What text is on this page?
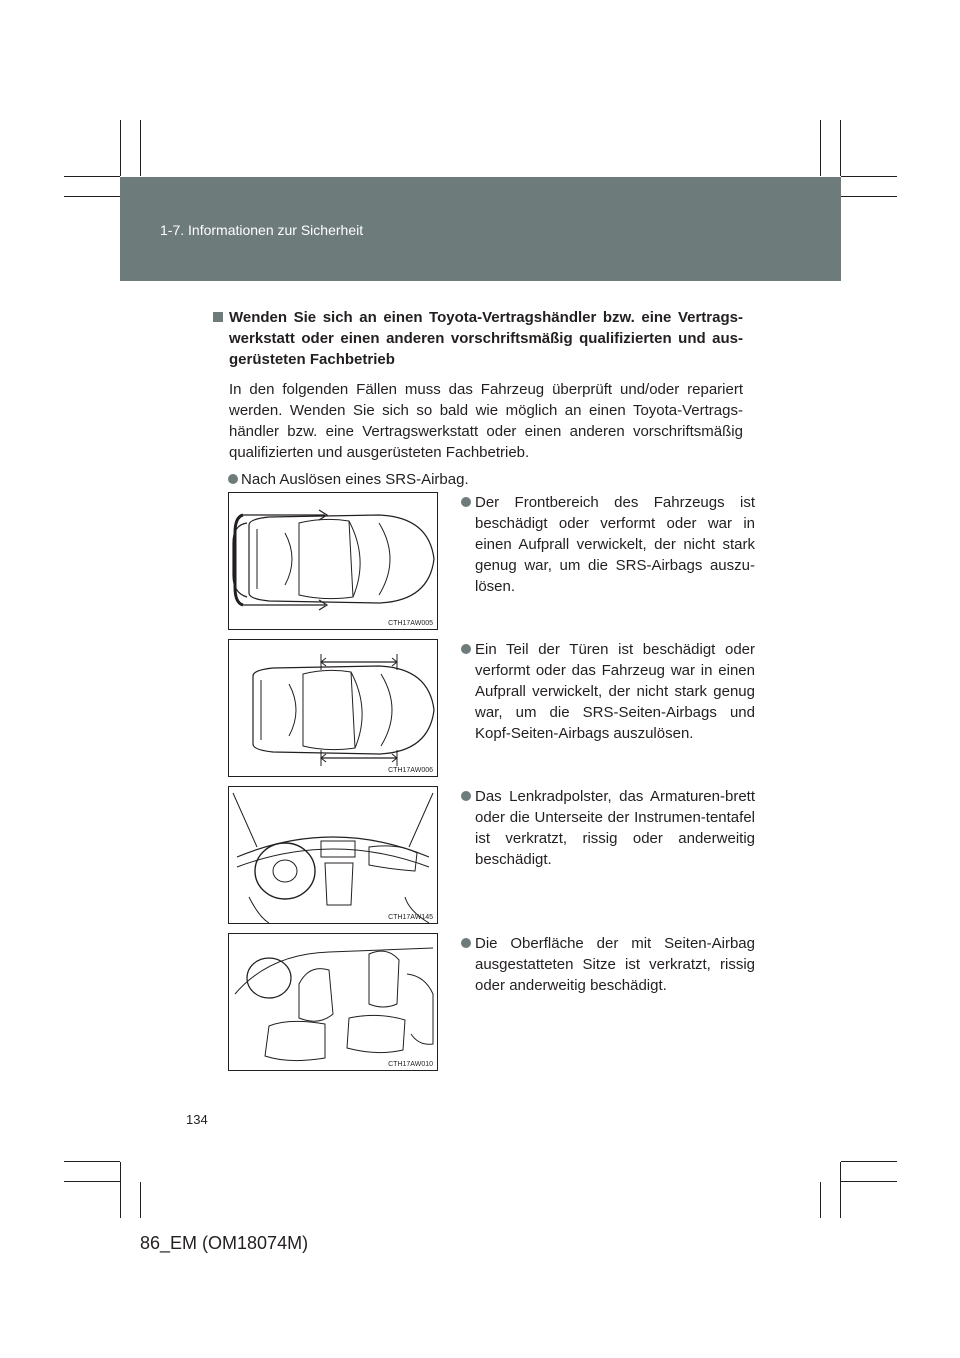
1-7. Informationen zur Sicherheit
Wenden Sie sich an einen Toyota-Vertragshändler bzw. eine Vertrags-werkstatt oder einen anderen vorschriftsmäßig qualifizierten und aus-gerüsteten Fachbetrieb
In den folgenden Fällen muss das Fahrzeug überprüft und/oder repariert werden. Wenden Sie sich so bald wie möglich an einen Toyota-Vertrags-händler bzw. eine Vertragswerkstatt oder einen anderen vorschriftsmäßig qualifizierten und ausgerüsteten Fachbetrieb.
Nach Auslösen eines SRS-Airbag.
CTH17AW005
Der Frontbereich des Fahrzeugs ist beschädigt oder verformt oder war in einen Aufprall verwickelt, der nicht stark genug war, um die SRS-Airbags auszu-lösen.
CTH17AW006
Ein Teil der Türen ist beschädigt oder verformt oder das Fahrzeug war in einen Aufprall verwickelt, der nicht stark genug war, um die SRS-Seiten-Airbags und Kopf-Seiten-Airbags auszulösen.
CTH17AW145
Das Lenkradpolster, das Armaturen-brett oder die Unterseite der Instrumen-tentafel ist verkratzt, rissig oder anderweitig beschädigt.
CTH17AW010
Die Oberfläche der mit Seiten-Airbag ausgestatteten Sitze ist verkratzt, rissig oder anderweitig beschädigt.
134
86_EM (OM18074M)
